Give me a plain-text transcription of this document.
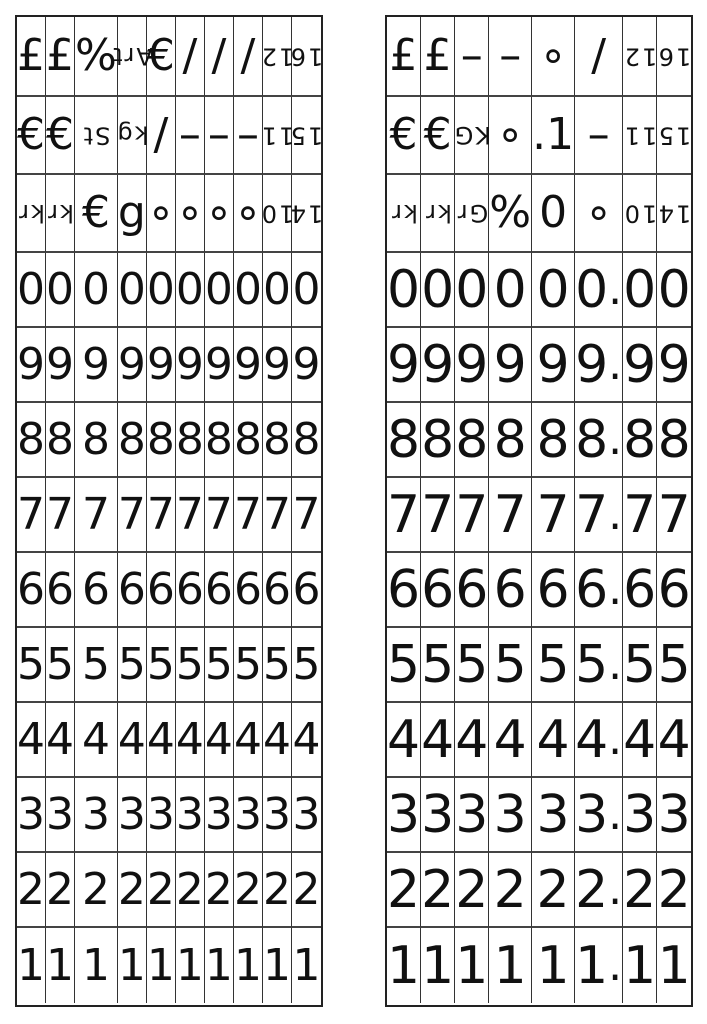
£ £ %
Art
€ / / / 12
16
€ € St kg / – – – 11
15
kr kr € g ∘ ∘ ∘ ∘
10
14
0 0 0 0 0 0 0 0 0 0
9 9 9 9 9 9 9 9 9 9
8 8 8 8 8 8 8 8 8 8
7 7 7 7 7 7 7 7 7 7
6 6 6 6 6 6 6 6 6 6
5 5 5 5 5 5 5 5 5 5
4 4 4 4 4 4 4 4 4 4
3 3 3 3 3 3 3 3 3 3
2 2 2 2 2 2 2 2 2 2
1 1 1 1 1 1 1 1 1 1
£ £ – – ∘ / 12 16
€ € KG ∘ .1 – 11 15
kr kr Gr % 0 ∘ 10 14
0 0 0 0 0 0 . 0 0
9 9 9 9 9 9 . 9 9
8 8 8 8 8 8 . 8 8
7 7 7 7 7 7 . 7 7
6 6 6 6 6 6 . 6 6
5 5 5 5 5 5 . 5 5
4 4 4 4 4 4 . 4 4
3 3 3 3 3 3 . 3 3
2 2 2 2 2 2 . 2 2
1 1 1 1 1 1 . 1 1
